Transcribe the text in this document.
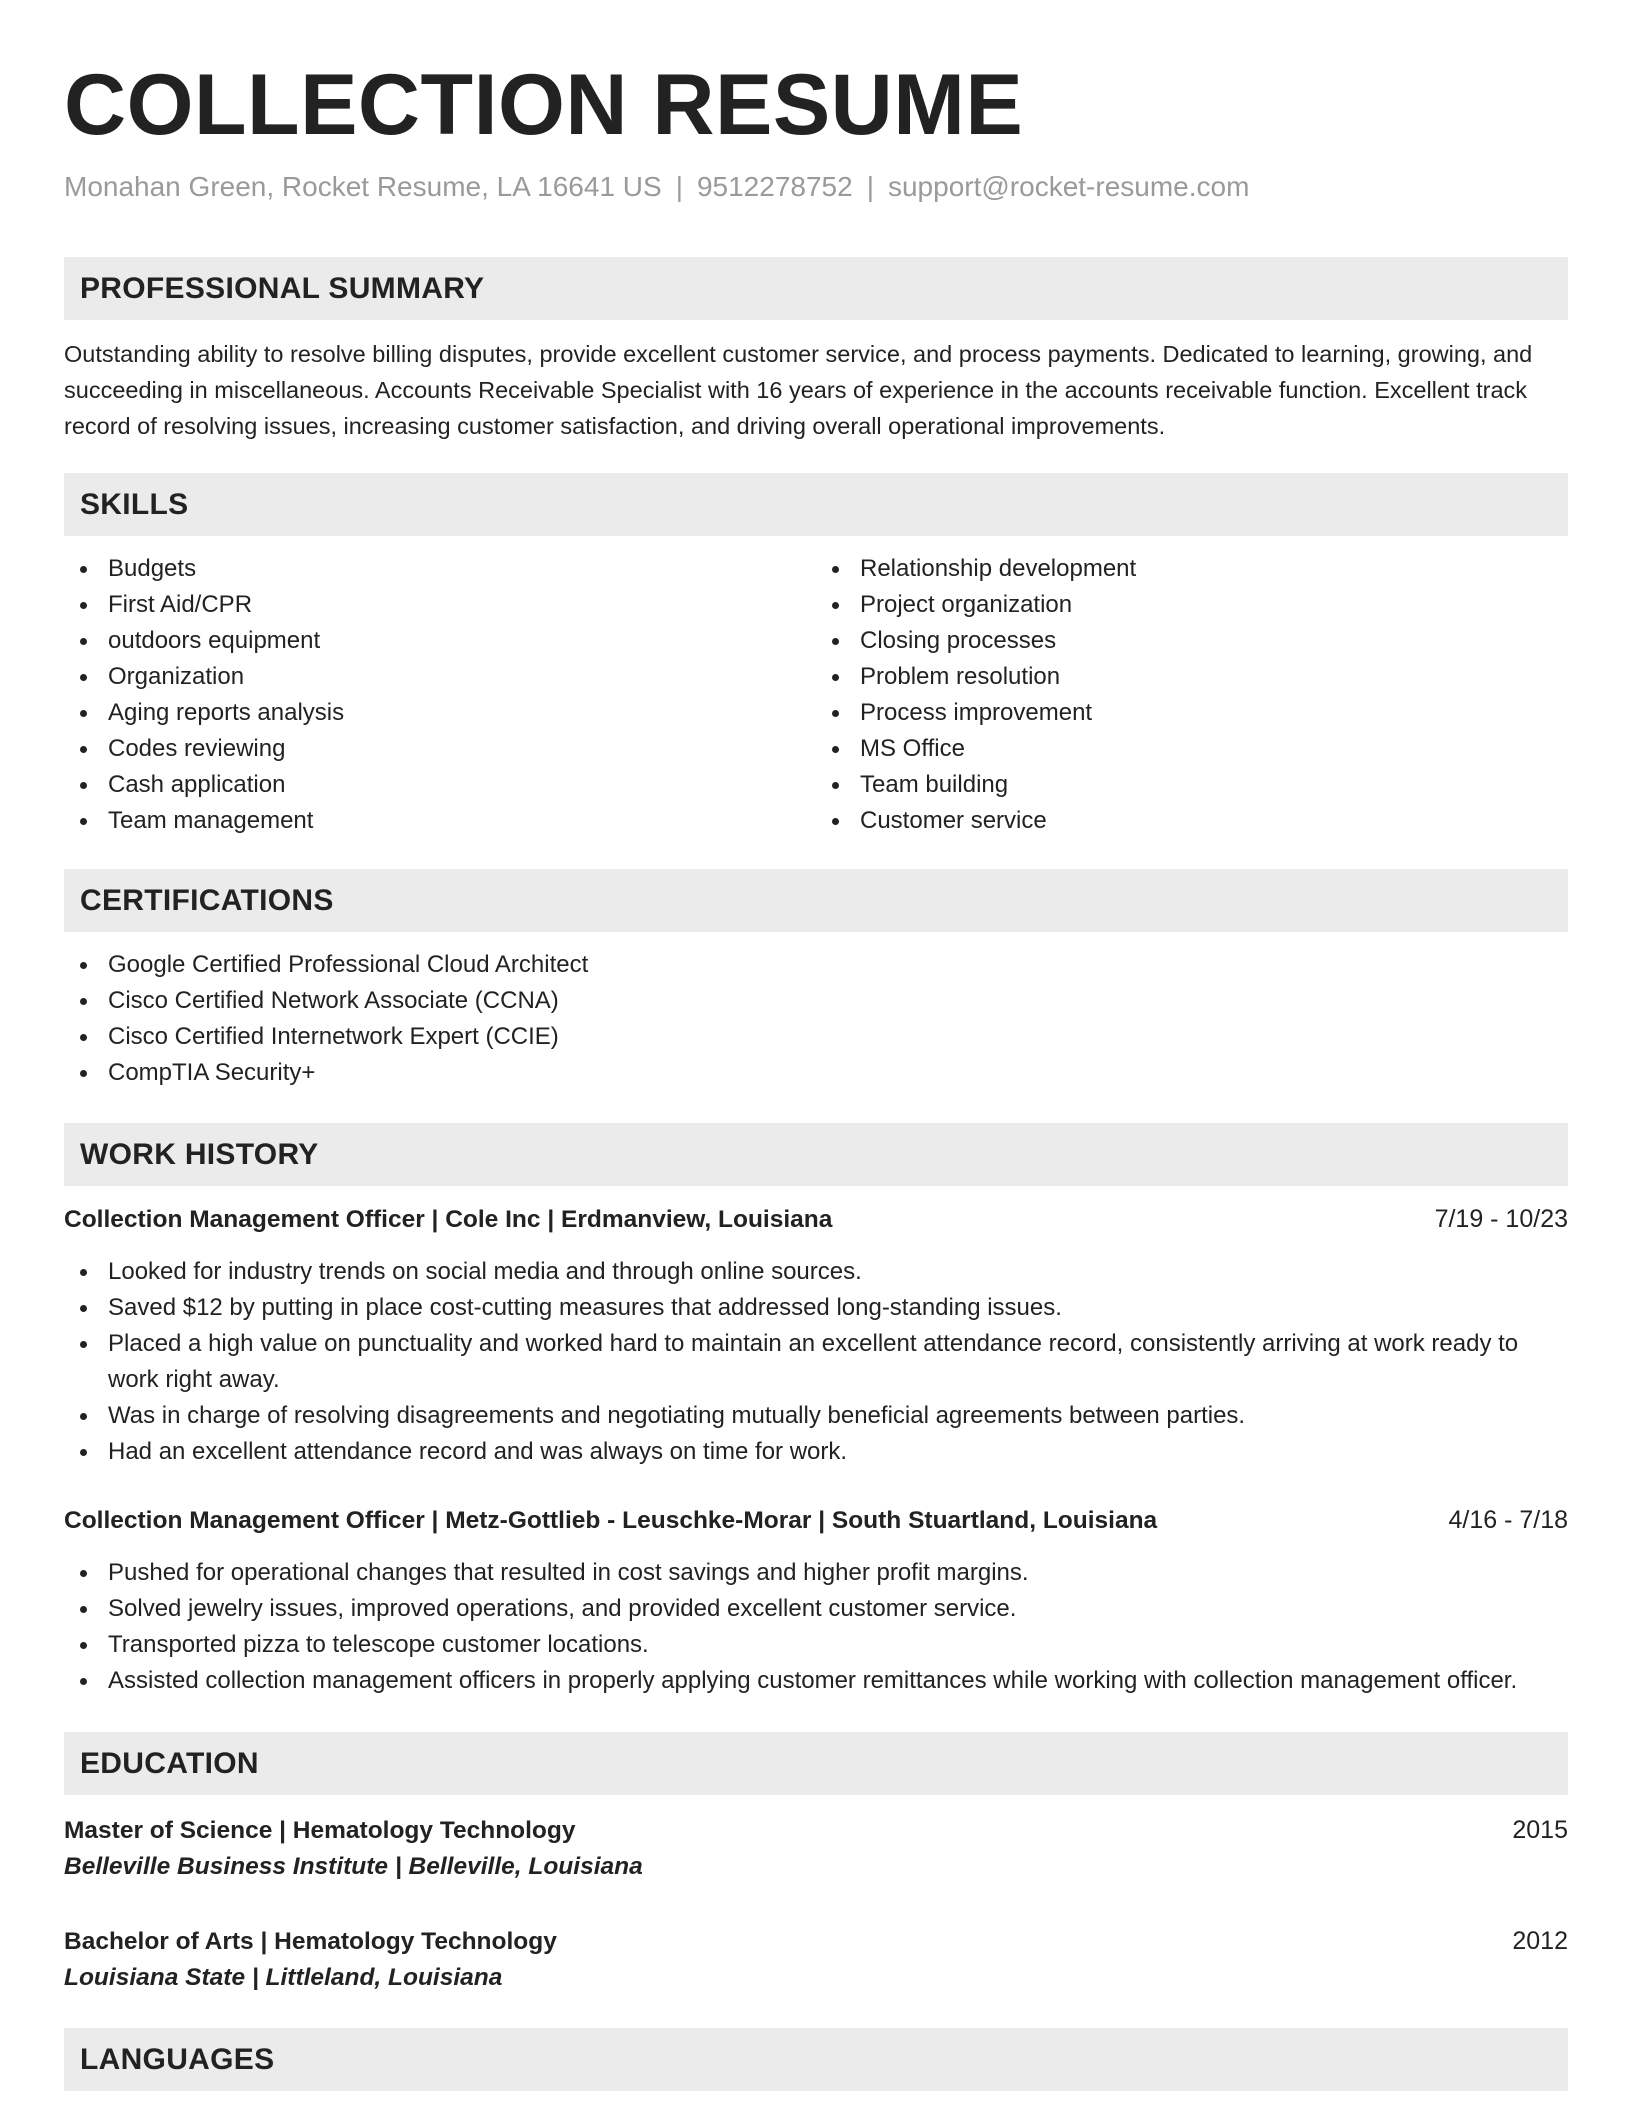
COLLECTION RESUME
Monahan Green, Rocket Resume, LA 16641 US | 9512278752 | support@rocket-resume.com
PROFESSIONAL SUMMARY

Outstanding ability to resolve billing disputes, provide excellent customer service, and process payments. Dedicated to learning, growing, and succeeding in miscellaneous. Accounts Receivable Specialist with 16 years of experience in the accounts receivable function. Excellent track record of resolving issues, increasing customer satisfaction, and driving overall operational improvements.

SKILLS
Budgets
First Aid/CPR
outdoors equipment
Organization
Aging reports analysis
Codes reviewing
Cash application
Team management
Relationship development
Project organization
Closing processes
Problem resolution
Process improvement
MS Office
Team building
Customer service
CERTIFICATIONS
Google Certified Professional Cloud Architect
Cisco Certified Network Associate (CCNA)
Cisco Certified Internetwork Expert (CCIE)
CompTIA Security+
WORK HISTORY
Collection Management Officer | Cole Inc | Erdmanview, Louisiana	7/19 - 10/23
Looked for industry trends on social media and through online sources.
Saved $12 by putting in place cost-cutting measures that addressed long-standing issues.
Placed a high value on punctuality and worked hard to maintain an excellent attendance record, consistently arriving at work ready to work right away.
Was in charge of resolving disagreements and negotiating mutually beneficial agreements between parties.
Had an excellent attendance record and was always on time for work.
Collection Management Officer | Metz-Gottlieb - Leuschke-Morar | South Stuartland, Louisiana	4/16 - 7/18
Pushed for operational changes that resulted in cost savings and higher profit margins.
Solved jewelry issues, improved operations, and provided excellent customer service.
Transported pizza to telescope customer locations.
Assisted collection management officers in properly applying customer remittances while working with collection management officer.
EDUCATION
Master of Science | Hematology Technology	2015
Belleville Business Institute | Belleville, Louisiana
Bachelor of Arts | Hematology Technology	2012
Louisiana State | Littleland, Louisiana
LANGUAGES
